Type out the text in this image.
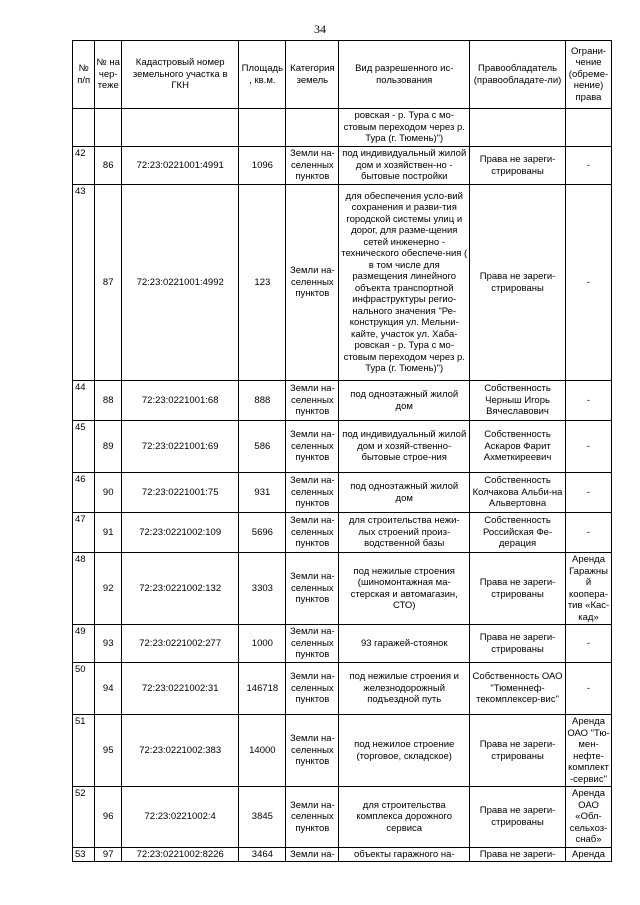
34
№ п/п	№ на чер-теже	Кадастровый номер земельного участка в ГКН	Площадь, кв.м.	Категория земель	Вид разрешенного ис-пользования	Правообладатель (правообладате-ли)	Ограни-чение (обреме-нение) права
					ровская - р. Тура с мо-стовым переходом через р. Тура (г. Тюмень)")		
42	86	72:23:0221001:4991	1096	Земли на-селенных пунктов	под индивидуальный жилой дом и хозяйствен-но - бытовые постройки	Права не зареги-стрированы	-
43	87	72:23:0221001:4992	123	Земли на-селенных пунктов	для обеспечения усло-вий сохранения и разви-тия городской системы улиц и дорог, для разме-щения сетей инженерно - технического обеспече-ния ( в том числе для размещения линейного объекта транспортной инфраструктуры регио-нального значения "Ре-конструкция ул. Мельни-кайте, участок ул. Хаба-ровская - р. Тура с мо-стовым переходом через р. Тура (г. Тюмень)")	Права не зареги-стрированы	-
44	88	72:23:0221001:68	888	Земли на-селенных пунктов	под одноэтажный жилой дом	Собственность Черныш Игорь Вячеславович	-
45	89	72:23:0221001:69	586	Земли на-селенных пунктов	под индивидуальный жилой дом и хозяй-ственно-бытовые строе-ния	Собственность Аскаров Фарит Ахметкиреевич	-
46	90	72:23:0221001:75	931	Земли на-селенных пунктов	под одноэтажный жилой дом	Собственность Колчакова Альби-на Альвертовна	-
47	91	72:23:0221002:109	5696	Земли на-селенных пунктов	для строительства нежи-лых строений произ-водственной базы	Собственность Российская Фе-дерация	-
48	92	72:23:0221002:132	3303	Земли на-селенных пунктов	под нежилые строения (шиномонтажная ма-стерская и автомагазин, СТО)	Права не зареги-стрированы	Аренда Гаражный коопера-тив «Кас-кад»
49	93	72:23:0221002:277	1000	Земли на-селенных пунктов	93 гаражей-стоянок	Права не зареги-стрированы	-
50	94	72:23:0221002:31	146718	Земли на-селенных пунктов	под нежилые строения и железнодорожный подъездной путь	Собственность ОАО "Тюменнеф-текомплексер-вис"	-
51	95	72:23:0221002:383	14000	Земли на-селенных пунктов	под нежилое строение (торговое, складское)	Права не зареги-стрированы	Аренда ОАО "Тю-мен-нефте-комплект-сервис"
52	96	72:23:0221002:4	3845	Земли на-селенных пунктов	для строительства комплекса дорожного сервиса	Права не зареги-стрированы	Аренда ОАО «Обл-сельхоз-снаб»
53	97	72:23:0221002:8226	3464	Земли на-	объекты гаражного на-	Права не зареги-	Аренда
